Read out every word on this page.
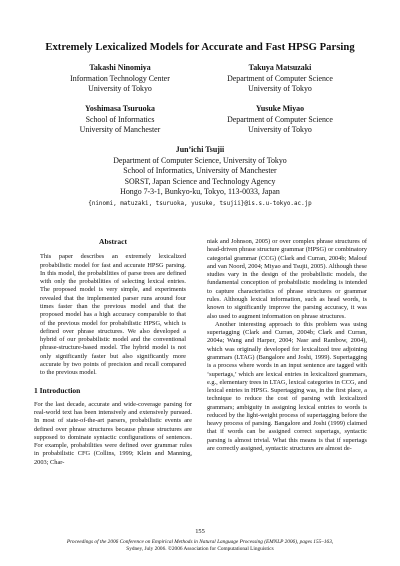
Extremely Lexicalized Models for Accurate and Fast HPSG Parsing
Takashi Ninomiya
Information Technology Center
University of Tokyo
Takuya Matsuzaki
Department of Computer Science
University of Tokyo
Yoshimasa Tsuruoka
School of Informatics
University of Manchester
Yusuke Miyao
Department of Computer Science
University of Tokyo
Jun’ichi Tsujii
Department of Computer Science, University of Tokyo
School of Informatics, University of Manchester
SORST, Japan Science and Technology Agency
Hongo 7-3-1, Bunkyo-ku, Tokyo, 113-0033, Japan
{ninomi, matuzaki, tsuruoka, yusuke, tsujii}@is.s.u-tokyo.ac.jp
Abstract

This paper describes an extremely lexicalized probabilistic model for fast and accurate HPSG parsing. In this model, the probabilities of parse trees are defined with only the probabilities of selecting lexical entries. The proposed model is very simple, and experiments revealed that the implemented parser runs around four times faster than the previous model and that the proposed model has a high accuracy comparable to that of the previous model for probabilistic HPSG, which is defined over phrase structures. We also developed a hybrid of our probabilistic model and the conventional phrase-structure-based model. The hybrid model is not only significantly faster but also significantly more accurate by two points of precision and recall compared to the previous model.

1 Introduction

For the last decade, accurate and wide-coverage parsing for real-world text has been intensively and extensively pursued. In most of state-of-the-art parsers, probabilistic events are defined over phrase structures because phrase structures are supposed to dominate syntactic configurations of sentences. For example, probabilities were defined over grammar rules in probabilistic CFG (Collins, 1999; Klein and Manning, 2003; Char-

niak and Johnson, 2005) or over complex phrase structures of head-driven phrase structure grammar (HPSG) or combinatory categorial grammar (CCG) (Clark and Curran, 2004b; Malouf and van Noord, 2004; Miyao and Tsujii, 2005). Although these studies vary in the design of the probabilistic models, the fundamental conception of probabilistic modeling is intended to capture characteristics of phrase structures or grammar rules. Although lexical information, such as head words, is known to significantly improve the parsing accuracy, it was also used to augment information on phrase structures.

Another interesting approach to this problem was using supertagging (Clark and Curran, 2004b; Clark and Curran, 2004a; Wang and Harper, 2004; Nasr and Rambow, 2004), which was originally developed for lexicalized tree adjoining grammars (LTAG) (Bangalore and Joshi, 1999). Supertagging is a process where words in an input sentence are tagged with ‘supertags,’ which are lexical entries in lexicalized grammars, e.g., elementary trees in LTAG, lexical categories in CCG, and lexical entries in HPSG. Supertagging was, in the first place, a technique to reduce the cost of parsing with lexicalized grammars; ambiguity in assigning lexical entries to words is reduced by the light-weight process of supertagging before the heavy process of parsing. Bangalore and Joshi (1999) claimed that if words can be assigned correct supertags, syntactic parsing is almost trivial. What this means is that if supertags are correctly assigned, syntactic structures are almost de-

155
Proceedings of the 2006 Conference on Empirical Methods in Natural Language Processing (EMNLP 2006), pages 155–163,
Sydney, July 2006. ©2006 Association for Computational Linguistics
